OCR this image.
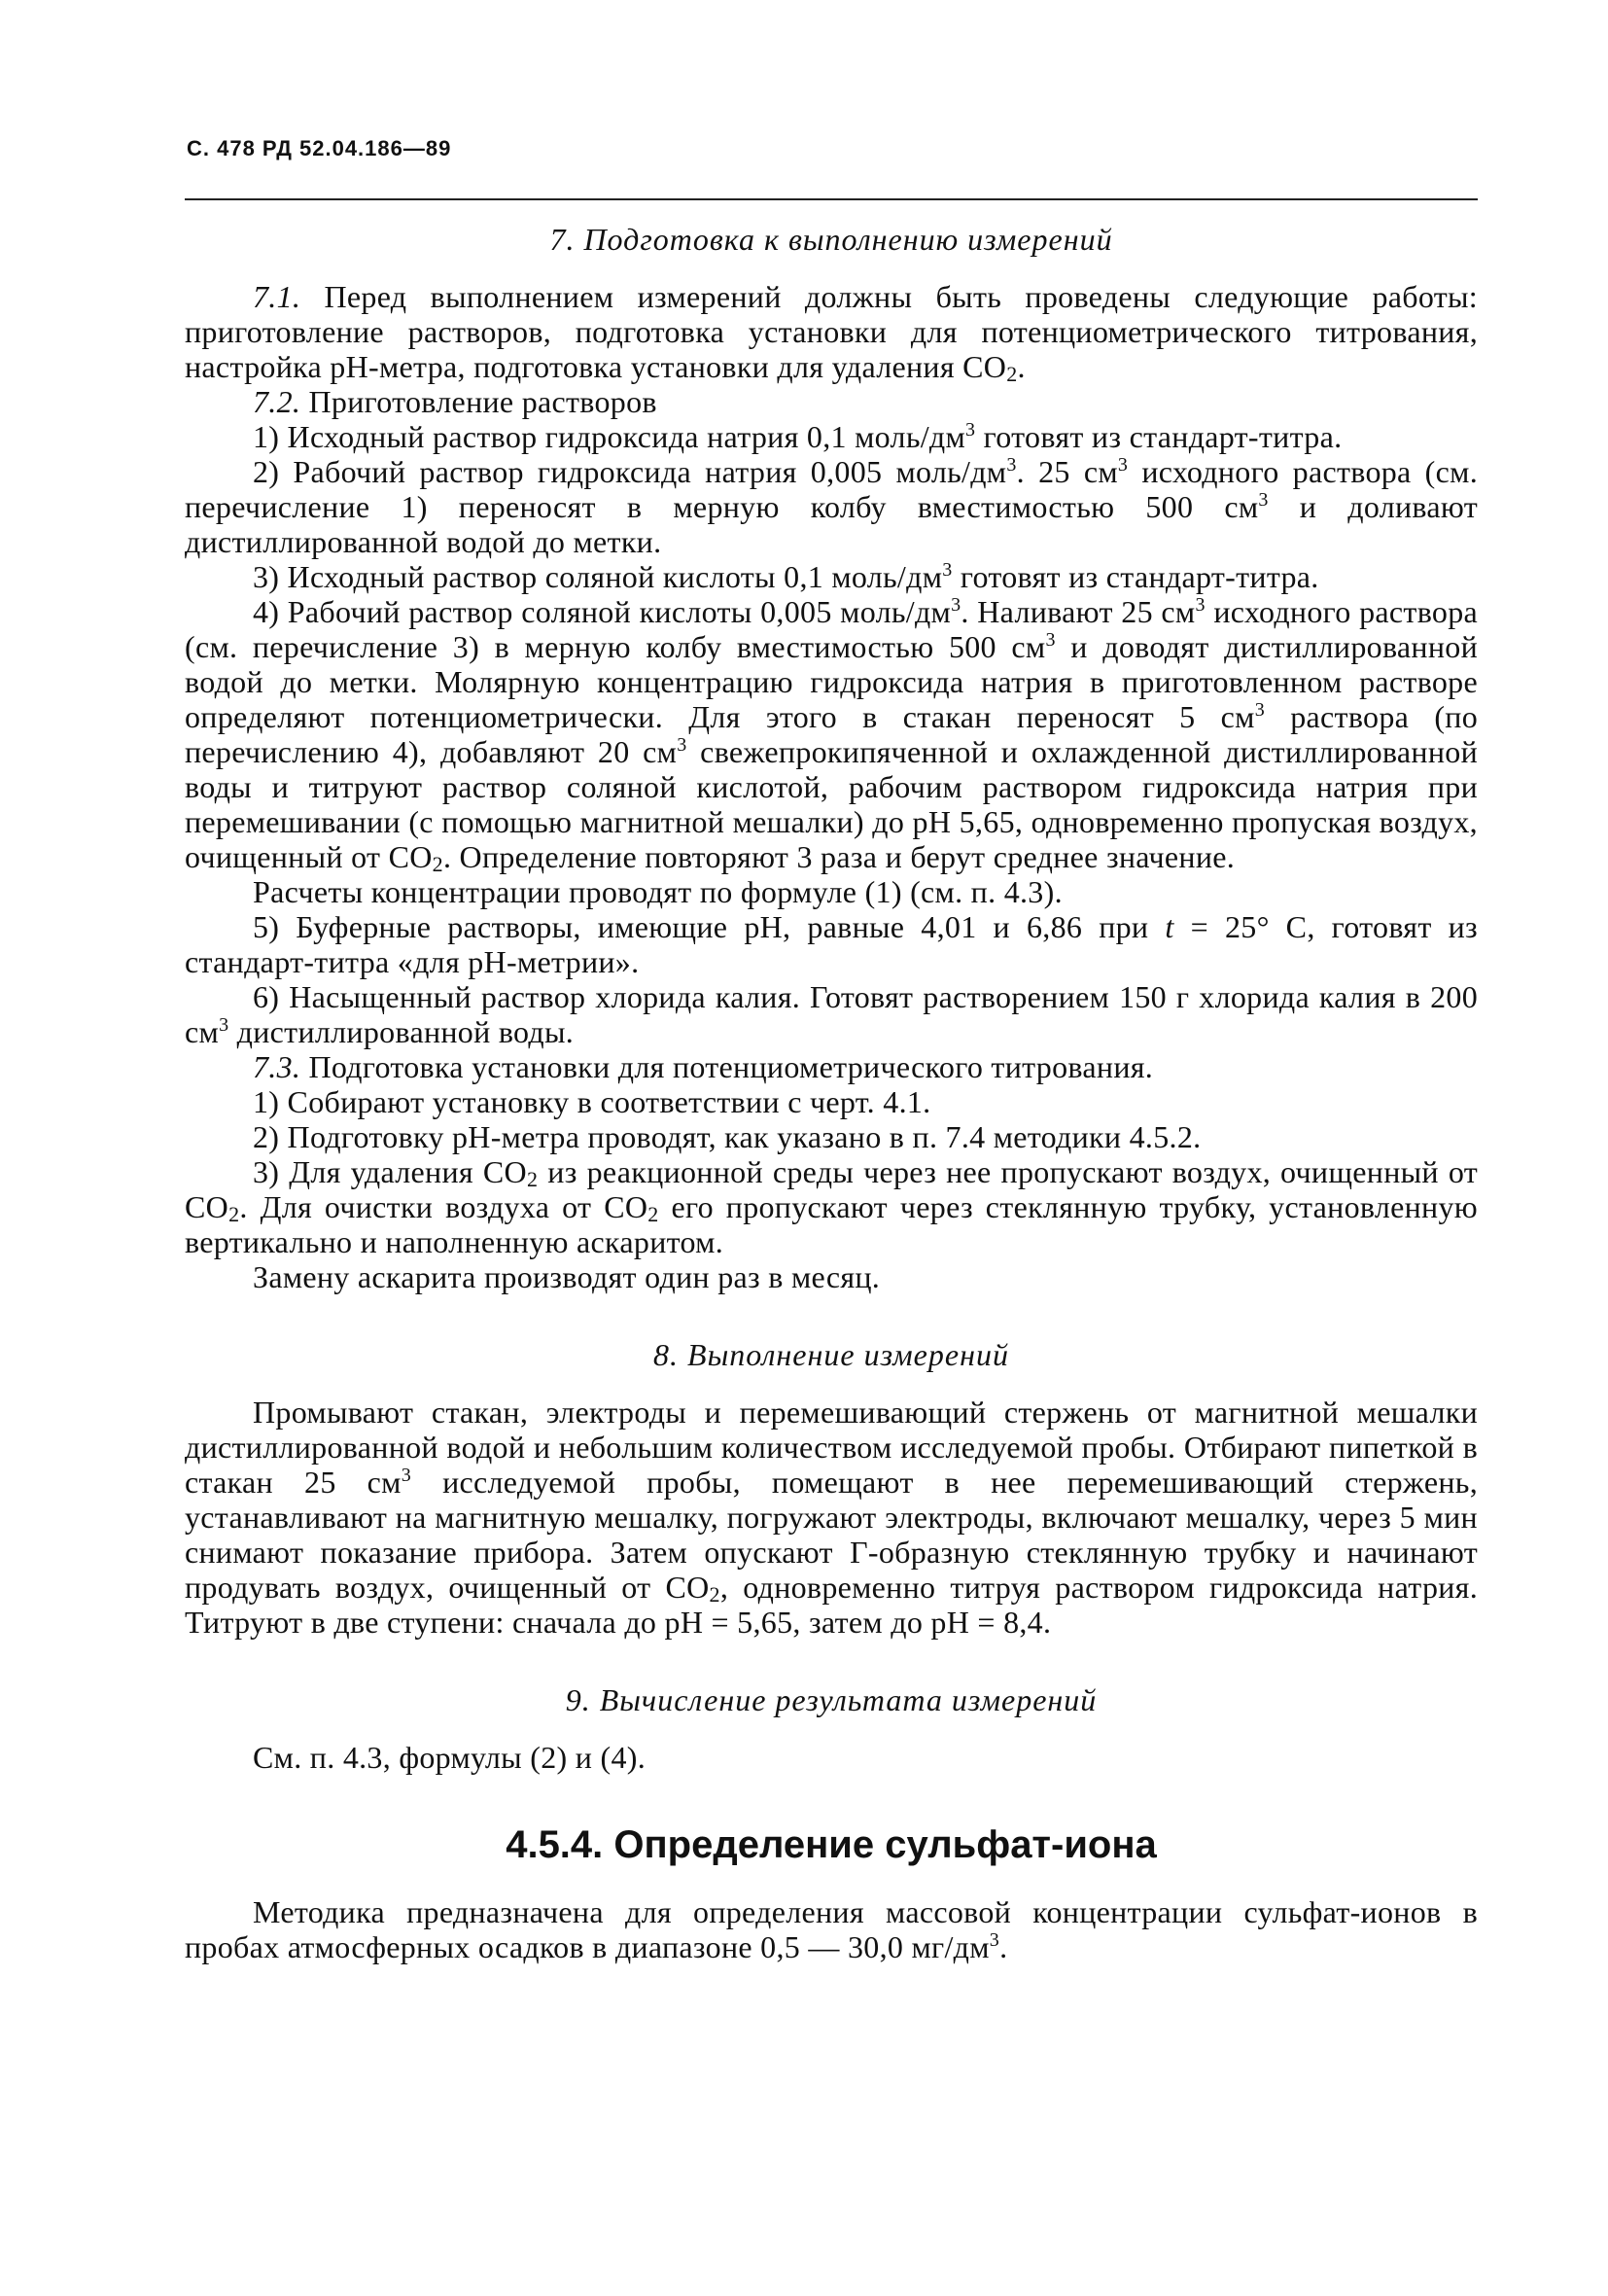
С. 478 РД 52.04.186—89
7. Подготовка к выполнению измерений

7.1. Перед выполнением измерений должны быть проведены следующие работы: приготовление растворов, подготовка установки для потенциометрического титрования, настройка pH-метра, подготовка установки для удаления $CO_2$.

7.2. Приготовление растворов

1) Исходный раствор гидроксида натрия 0,1 моль/$дм^3$ готовят из стандарт-титра.

2) Рабочий раствор гидроксида натрия 0,005 моль/$дм^3$. 25 $см^3$ исходного раствора (см. перечисление 1) переносят в мерную колбу вместимостью 500 $см^3$ и доливают дистиллированной водой до метки.

3) Исходный раствор соляной кислоты 0,1 моль/$дм^3$ готовят из стандарт-титра.

4) Рабочий раствор соляной кислоты 0,005 моль/$дм^3$. Наливают 25 $см^3$ исходного раствора (см. перечисление 3) в мерную колбу вместимостью 500 $см^3$ и доводят дистиллированной водой до метки. Молярную концентрацию гидроксида натрия в приготовленном растворе определяют потенциометрически. Для этого в стакан переносят 5 $см^3$ раствора (по перечислению 4), добавляют 20 $см^3$ свежепрокипяченной и охлажденной дистиллированной воды и титруют раствор соляной кислотой, рабочим раствором гидроксида натрия при перемешивании (с помощью магнитной мешалки) до pH 5,65, одновременно пропуская воздух, очищенный от $CO_2$. Определение повторяют 3 раза и берут среднее значение.

Расчеты концентрации проводят по формуле (1) (см. п. 4.3).

5) Буферные растворы, имеющие pH, равные 4,01 и 6,86 при t = 25° C, готовят из стандарт-титра «для pH-метрии».

6) Насыщенный раствор хлорида калия. Готовят растворением 150 г хлорида калия в 200 $см^3$ дистиллированной воды.

7.3. Подготовка установки для потенциометрического титрования.

1) Собирают установку в соответствии с черт. 4.1.

2) Подготовку pH-метра проводят, как указано в п. 7.4 методики 4.5.2.

3) Для удаления $CO_2$ из реакционной среды через нее пропускают воздух, очищенный от $CO_2$. Для очистки воздуха от $CO_2$ его пропускают через стеклянную трубку, установленную вертикально и наполненную аскаритом.

Замену аскарита производят один раз в месяц.

8. Выполнение измерений

Промывают стакан, электроды и перемешивающий стержень от магнитной мешалки дистиллированной водой и небольшим количеством исследуемой пробы. Отбирают пипеткой в стакан 25 $см^3$ исследуемой пробы, помещают в нее перемешивающий стержень, устанавливают на магнитную мешалку, погружают электроды, включают мешалку, через 5 мин снимают показание прибора. Затем опускают Г-образную стеклянную трубку и начинают продувать воздух, очищенный от $CO_2$, одновременно титруя раствором гидроксида натрия. Титруют в две ступени: сначала до pH = 5,65, затем до pH = 8,4.

9. Вычисление результата измерений

См. п. 4.3, формулы (2) и (4).

4.5.4. Определение сульфат-иона

Методика предназначена для определения массовой концентрации сульфат-ионов в пробах атмосферных осадков в диапазоне 0,5 — 30,0 $мг/дм^3$.
